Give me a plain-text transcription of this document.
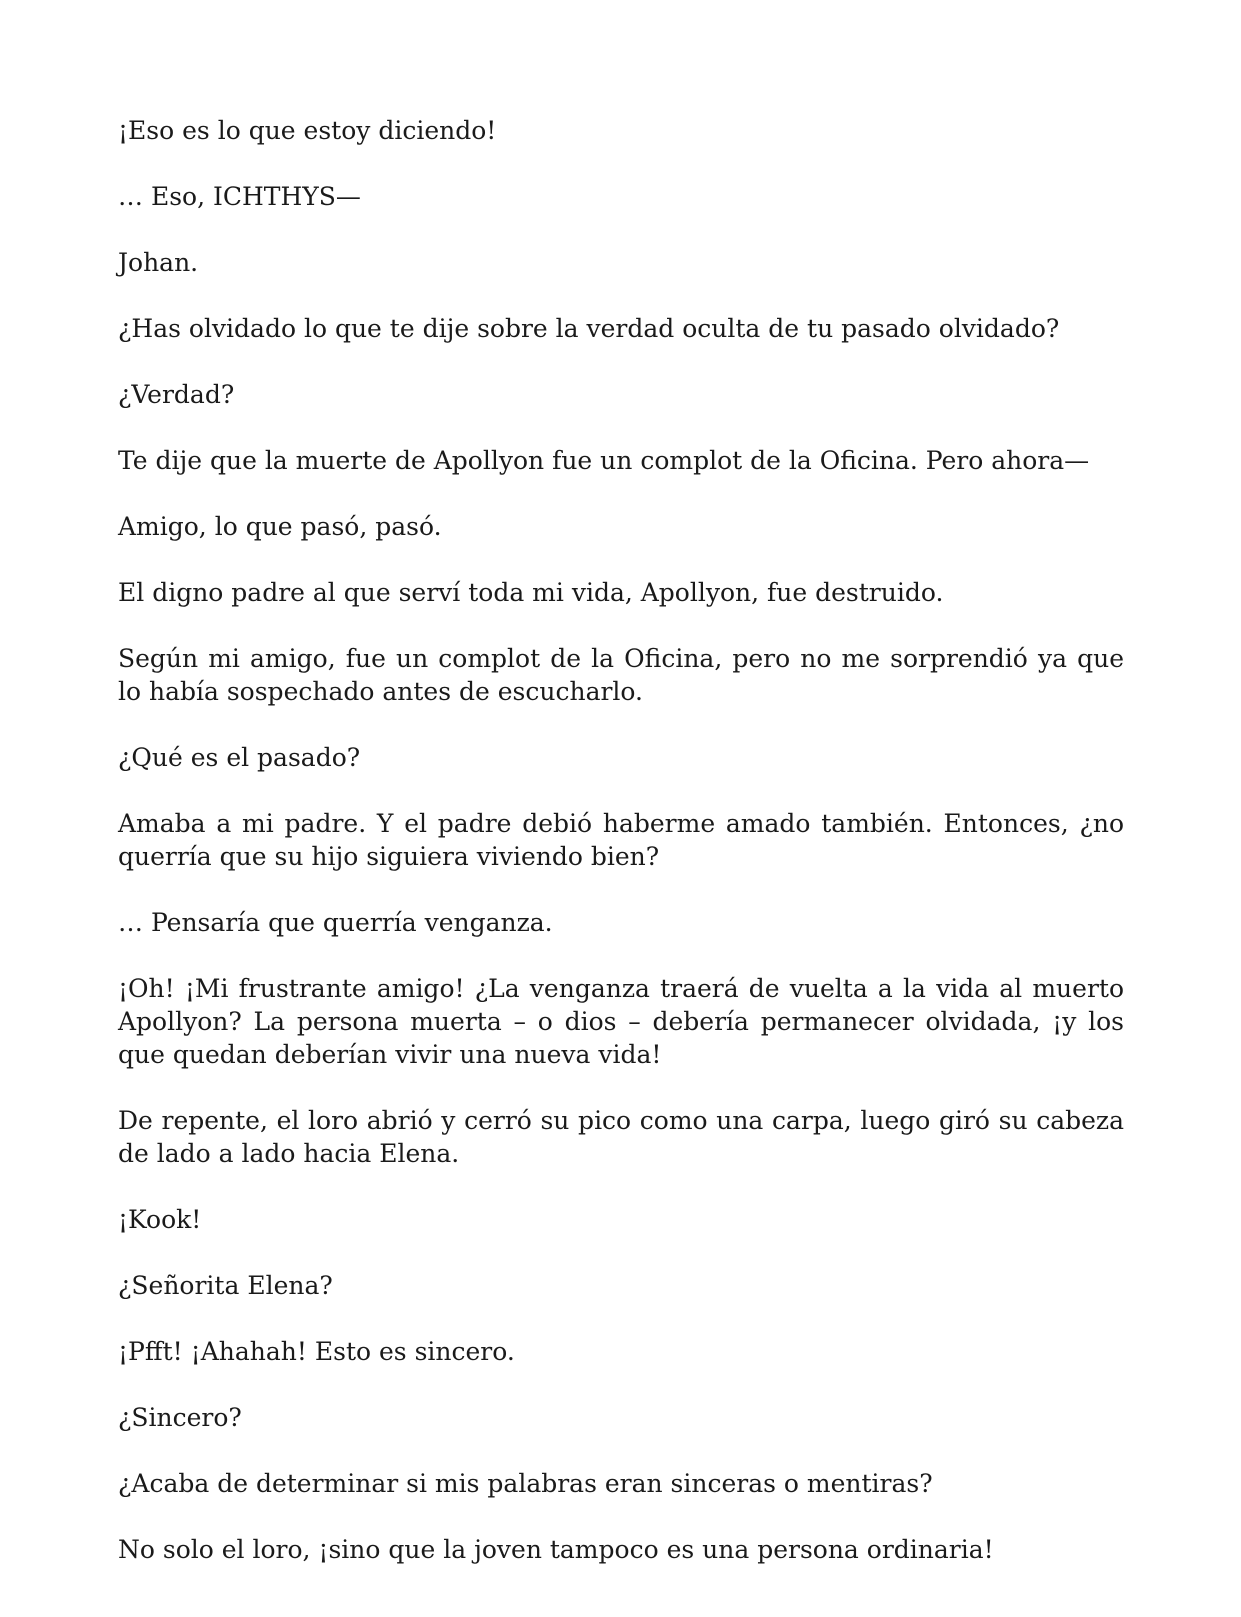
¡Eso es lo que estoy diciendo!

… Eso, ICHTHYS—

Johan.

¿Has olvidado lo que te dije sobre la verdad oculta de tu pasado olvidado?

¿Verdad?

Te dije que la muerte de Apollyon fue un complot de la Oficina. Pero ahora—

Amigo, lo que pasó, pasó.

El digno padre al que serví toda mi vida, Apollyon, fue destruido.

Según mi amigo, fue un complot de la Oficina, pero no me sorprendió ya que lo había sospechado antes de escucharlo.

¿Qué es el pasado?

Amaba a mi padre. Y el padre debió haberme amado también. Entonces, ¿no querría que su hijo siguiera viviendo bien?

… Pensaría que querría venganza.

¡Oh! ¡Mi frustrante amigo! ¿La venganza traerá de vuelta a la vida al muerto Apollyon? La persona muerta – o dios – debería permanecer olvidada, ¡y los que quedan deberían vivir una nueva vida!

De repente, el loro abrió y cerró su pico como una carpa, luego giró su cabeza de lado a lado hacia Elena.

¡Kook!

¿Señorita Elena?

¡Pfft! ¡Ahahah! Esto es sincero.

¿Sincero?

¿Acaba de determinar si mis palabras eran sinceras o mentiras?

No solo el loro, ¡sino que la joven tampoco es una persona ordinaria!
